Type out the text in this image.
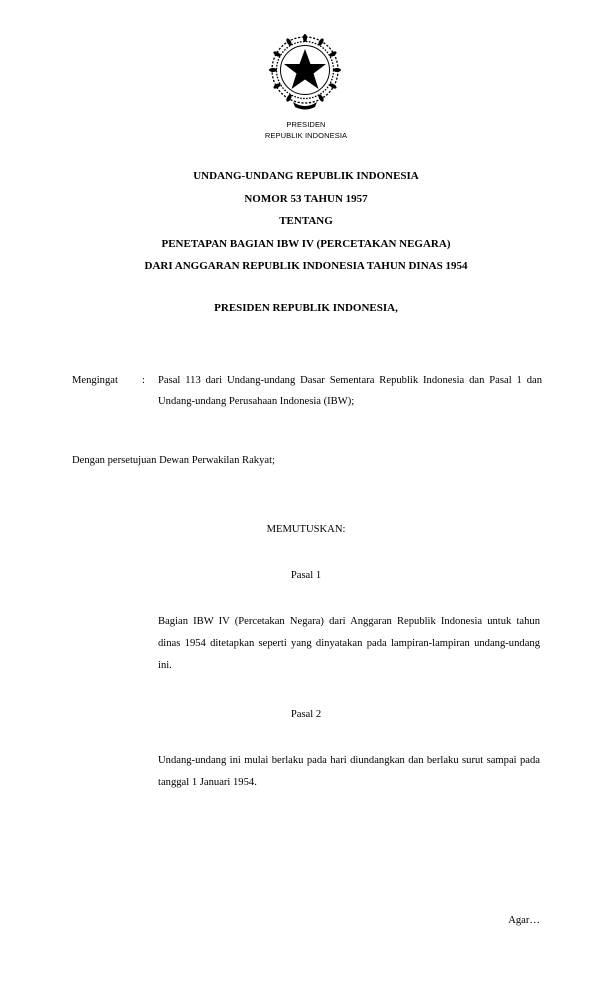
PRESIDEN
REPUBLIK INDONESIA
UNDANG-UNDANG REPUBLIK INDONESIA
NOMOR 53 TAHUN 1957
TENTANG
PENETAPAN BAGIAN IBW IV (PERCETAKAN NEGARA)
DARI ANGGARAN REPUBLIK INDONESIA TAHUN DINAS 1954
PRESIDEN REPUBLIK INDONESIA,
Mengingat : Pasal 113 dari Undang-undang Dasar Sementara Republik Indonesia dan Pasal 1 dan Undang-undang Perusahaan Indonesia (IBW);
Dengan persetujuan Dewan Perwakilan Rakyat;
MEMUTUSKAN:
Pasal 1
Bagian IBW IV (Percetakan Negara) dari Anggaran Republik Indonesia untuk tahun dinas 1954 ditetapkan seperti yang dinyatakan pada lampiran-lampiran undang-undang ini.
Pasal 2
Undang-undang ini mulai berlaku pada hari diundangkan dan berlaku surut sampai pada tanggal 1 Januari 1954.
Agar…
